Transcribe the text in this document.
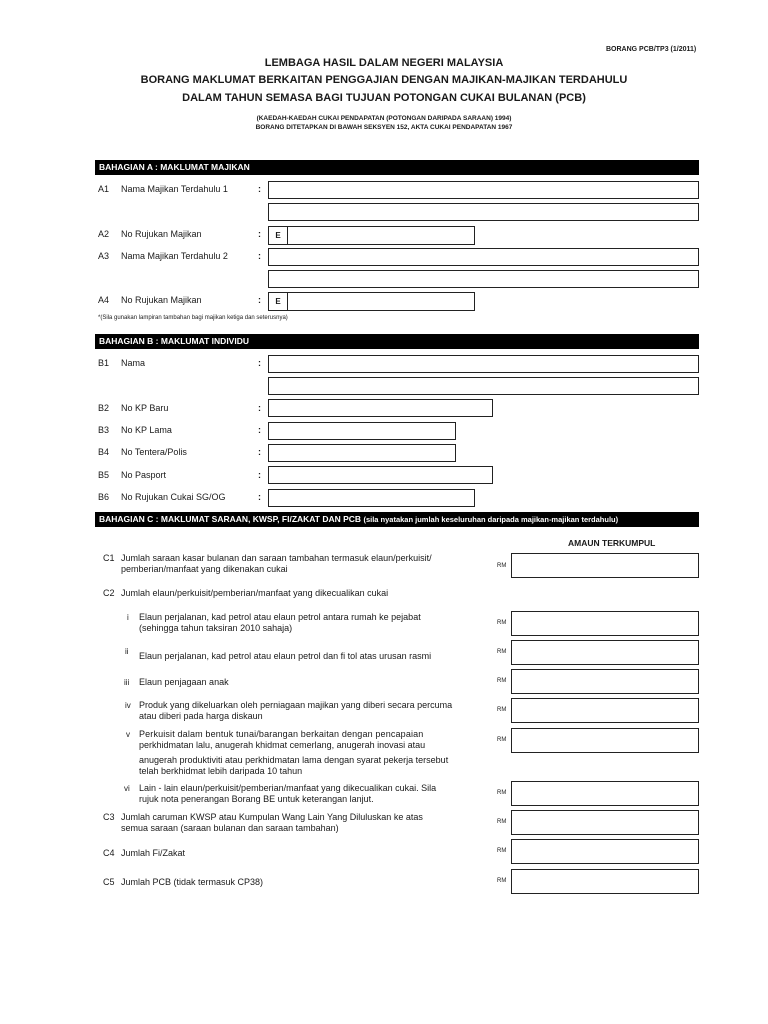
BORANG PCB/TP3 (1/2011)
LEMBAGA HASIL DALAM NEGERI MALAYSIA
BORANG MAKLUMAT BERKAITAN PENGGAJIAN DENGAN MAJIKAN-MAJIKAN TERDAHULU
DALAM TAHUN SEMASA BAGI TUJUAN POTONGAN CUKAI BULANAN (PCB)
(KAEDAH-KAEDAH CUKAI PENDAPATAN (POTONGAN DARIPADA SARAAN) 1994)
BORANG DITETAPKAN DI BAWAH SEKSYEN 152, AKTA CUKAI PENDAPATAN 1967
BAHAGIAN A : MAKLUMAT MAJIKAN
A1 Nama Majikan Terdahulu 1	:
A2 No Rujukan Majikan	:	E
A3 Nama Majikan Terdahulu 2	:
A4 No Rujukan Majikan	:	E
*(Sila gunakan lampiran tambahan bagi majikan ketiga dan seterusnya)
BAHAGIAN B : MAKLUMAT INDIVIDU
B1 Nama	:
B2 No KP Baru	:
B3 No KP Lama	:
B4 No Tentera/Polis	:
B5 No Pasport	:
B6 No Rujukan Cukai SG/OG	:
BAHAGIAN C : MAKLUMAT SARAAN, KWSP, FI/ZAKAT DAN PCB (sila nyatakan jumlah keseluruhan daripada majikan-majikan terdahulu)
AMAUN TERKUMPUL
C1 Jumlah saraan kasar bulanan dan saraan tambahan termasuk elaun/perkuisit/
pemberian/manfaat yang dikenakan cukai	RM
C2 Jumlah elaun/perkuisit/pemberian/manfaat yang dikecualikan cukai
i Elaun perjalanan, kad petrol atau elaun petrol antara rumah ke pejabat
(sehingga tahun taksiran 2010 sahaja)	RM
ii Elaun perjalanan, kad petrol atau elaun petrol dan fi tol atas urusan rasmi	RM
iii Elaun penjagaan anak	RM
iv Produk yang dikeluarkan oleh perniagaan majikan yang diberi secara percuma
atau diberi pada harga diskaun
RM
v Perkuisit dalam bentuk tunai/barangan berkaitan dengan pencapaian
perkhidmatan lalu, anugerah khidmat cemerlang, anugerah inovasi atau
anugerah produktiviti atau perkhidmatan lama dengan syarat pekerja tersebut
telah berkhidmat lebih daripada 10 tahun
RM
vi Lain - lain elaun/perkuisit/pemberian/manfaat yang dikecualikan cukai. Sila
rujuk nota penerangan Borang BE untuk keterangan lanjut.
RM
C3 Jumlah caruman KWSP atau Kumpulan Wang Lain Yang Diluluskan ke atas
semua saraan (saraan bulanan dan saraan tambahan)
RM
C4 Jumlah Fi/Zakat	RM
C5 Jumlah PCB (tidak termasuk CP38)	RM
